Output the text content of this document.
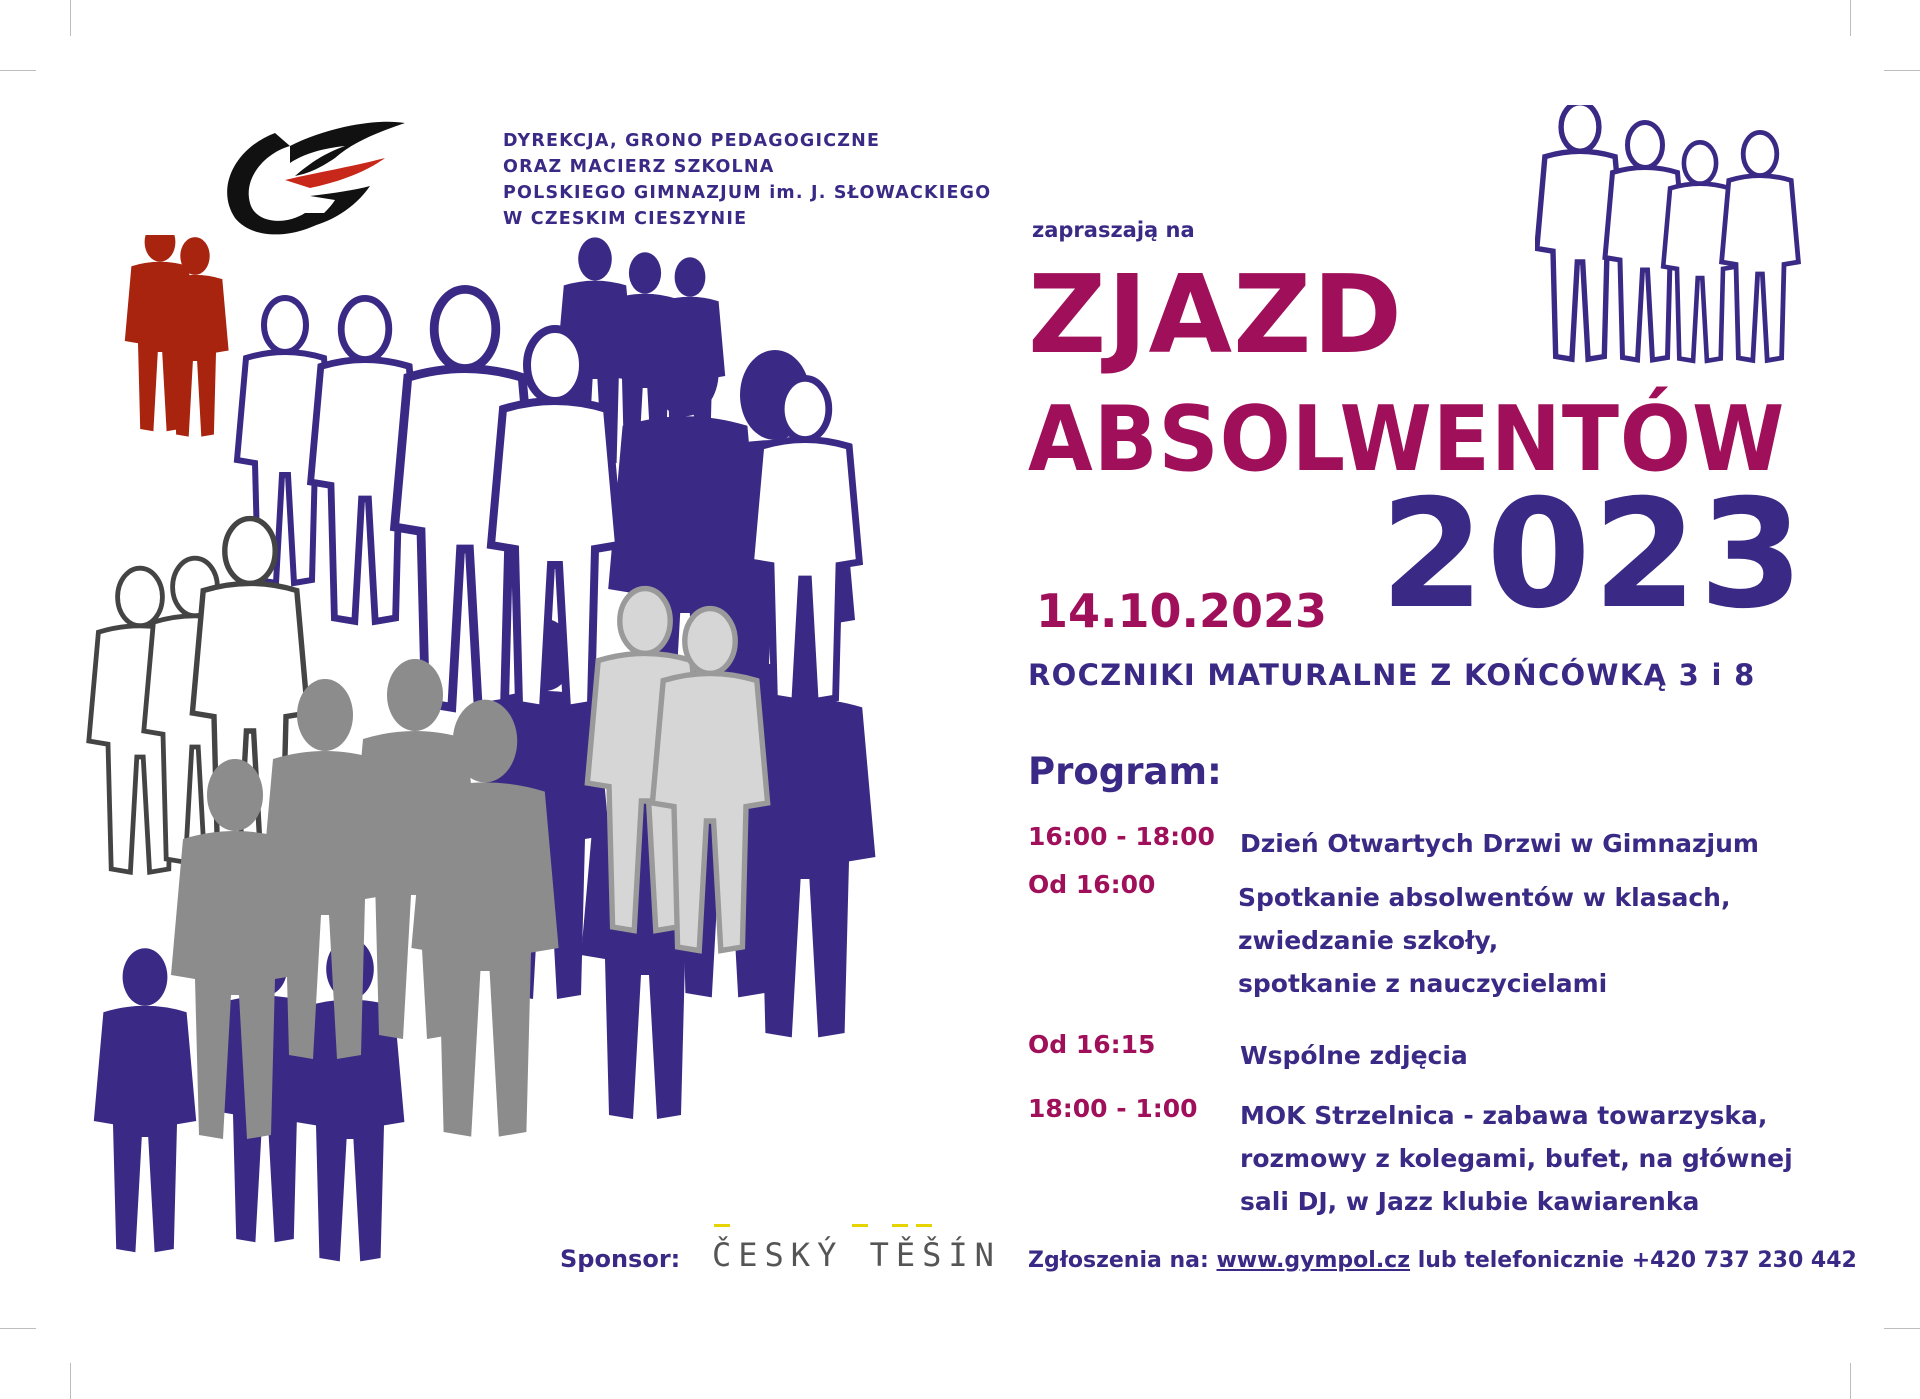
DYREKCJA, GRONO PEDAGOGICZNE
ORAZ MACIERZ SZKOLNA
POLSKIEGO GIMNAZJUM im. J. SŁOWACKIEGO
W CZESKIM CIESZYNIE	zapraszają na
ZJAZD
ABSOLWENTÓW
2023
14.10.2023
ROCZNIKI MATURALNE Z KOŃCÓWKĄ 3 i 8
Program:
16:00 - 18:00 Dzień Otwartych Drzwi w Gimnazjum
Od 16:00	Spotkanie absolwentów w klasach,
zwiedzanie szkoły,
spotkanie z nauczycielami
Od 16:15	Wspólne zdjęcia
18:00 - 1:00 MOK Strzelnica - zabawa towarzyska,
rozmowy z kolegami, bufet, na głównej
sali DJ, w Jazz klubie kawiarenka
Sponsor: ČESKÝ TĚŠÍN Zgłoszenia na: www.gympol.cz lub telefonicznie +420 737 230 442
